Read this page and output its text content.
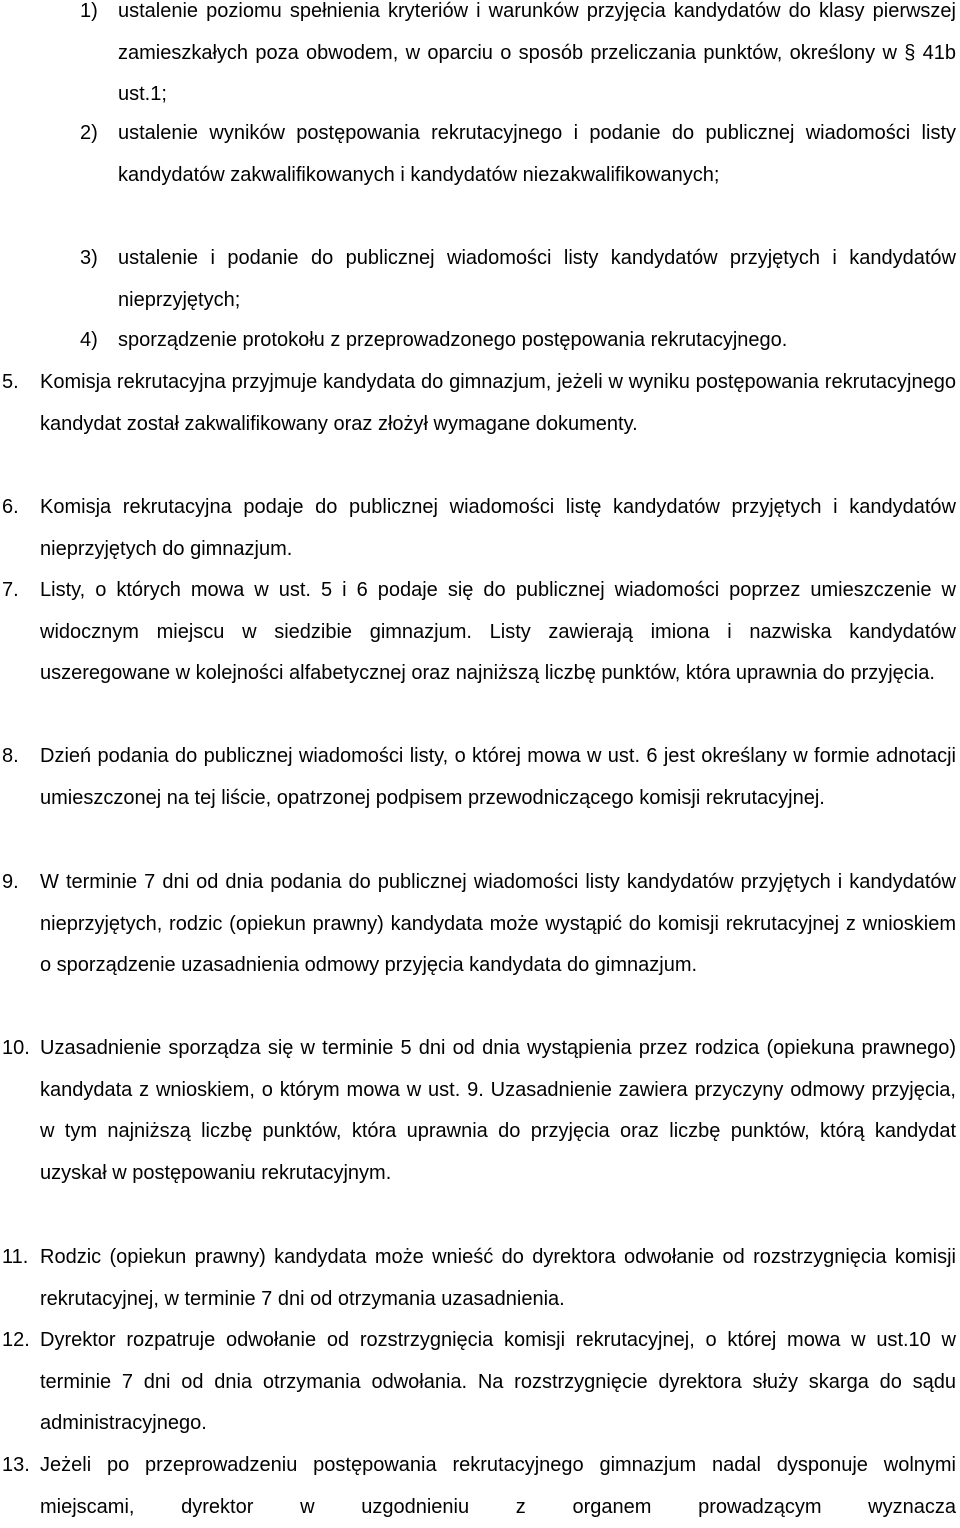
1) ustalenie poziomu spełnienia kryteriów i warunków przyjęcia kandydatów do klasy pierwszej zamieszkałych poza obwodem, w oparciu o sposób przeliczania punktów, określony w § 41b ust.1;
2) ustalenie wyników postępowania rekrutacyjnego i podanie do publicznej wiadomości listy kandydatów zakwalifikowanych i kandydatów niezakwalifikowanych;
3) ustalenie i podanie do publicznej wiadomości listy kandydatów przyjętych i kandydatów nieprzyjętych;
4) sporządzenie protokołu z przeprowadzonego postępowania rekrutacyjnego.
5. Komisja rekrutacyjna przyjmuje kandydata do gimnazjum, jeżeli w wyniku postępowania rekrutacyjnego kandydat został zakwalifikowany oraz złożył wymagane dokumenty.
6. Komisja rekrutacyjna podaje do publicznej wiadomości listę kandydatów przyjętych i kandydatów nieprzyjętych do gimnazjum.
7. Listy, o których mowa w ust. 5 i 6 podaje się do publicznej wiadomości poprzez umieszczenie w widocznym miejscu w siedzibie gimnazjum. Listy zawierają imiona i nazwiska kandydatów uszeregowane w kolejności alfabetycznej oraz najniższą liczbę punktów, która uprawnia do przyjęcia.
8. Dzień podania do publicznej wiadomości listy, o której mowa w ust. 6 jest określany w formie adnotacji umieszczonej na tej liście, opatrzonej podpisem przewodniczącego komisji rekrutacyjnej.
9. W terminie 7 dni od dnia podania do publicznej wiadomości listy kandydatów przyjętych i kandydatów nieprzyjętych, rodzic (opiekun prawny) kandydata może wystąpić do komisji rekrutacyjnej z wnioskiem o sporządzenie uzasadnienia odmowy przyjęcia kandydata do gimnazjum.
10. Uzasadnienie sporządza się w terminie 5 dni od dnia wystąpienia przez rodzica (opiekuna prawnego) kandydata z wnioskiem, o którym mowa w ust. 9. Uzasadnienie zawiera przyczyny odmowy przyjęcia, w tym najniższą liczbę punktów, która uprawnia do przyjęcia oraz liczbę punktów, którą kandydat uzyskał w postępowaniu rekrutacyjnym.
11. Rodzic (opiekun prawny) kandydata może wnieść do dyrektora odwołanie od rozstrzygnięcia komisji rekrutacyjnej, w terminie 7 dni od otrzymania uzasadnienia.
12. Dyrektor rozpatruje odwołanie od rozstrzygnięcia komisji rekrutacyjnej, o której mowa w ust.10 w terminie 7 dni od dnia otrzymania odwołania. Na rozstrzygnięcie dyrektora służy skarga do sądu administracyjnego.
13. Jeżeli po przeprowadzeniu postępowania rekrutacyjnego gimnazjum nadal dysponuje wolnymi miejscami, dyrektor w uzgodnieniu z organem prowadzącym wyznacza
